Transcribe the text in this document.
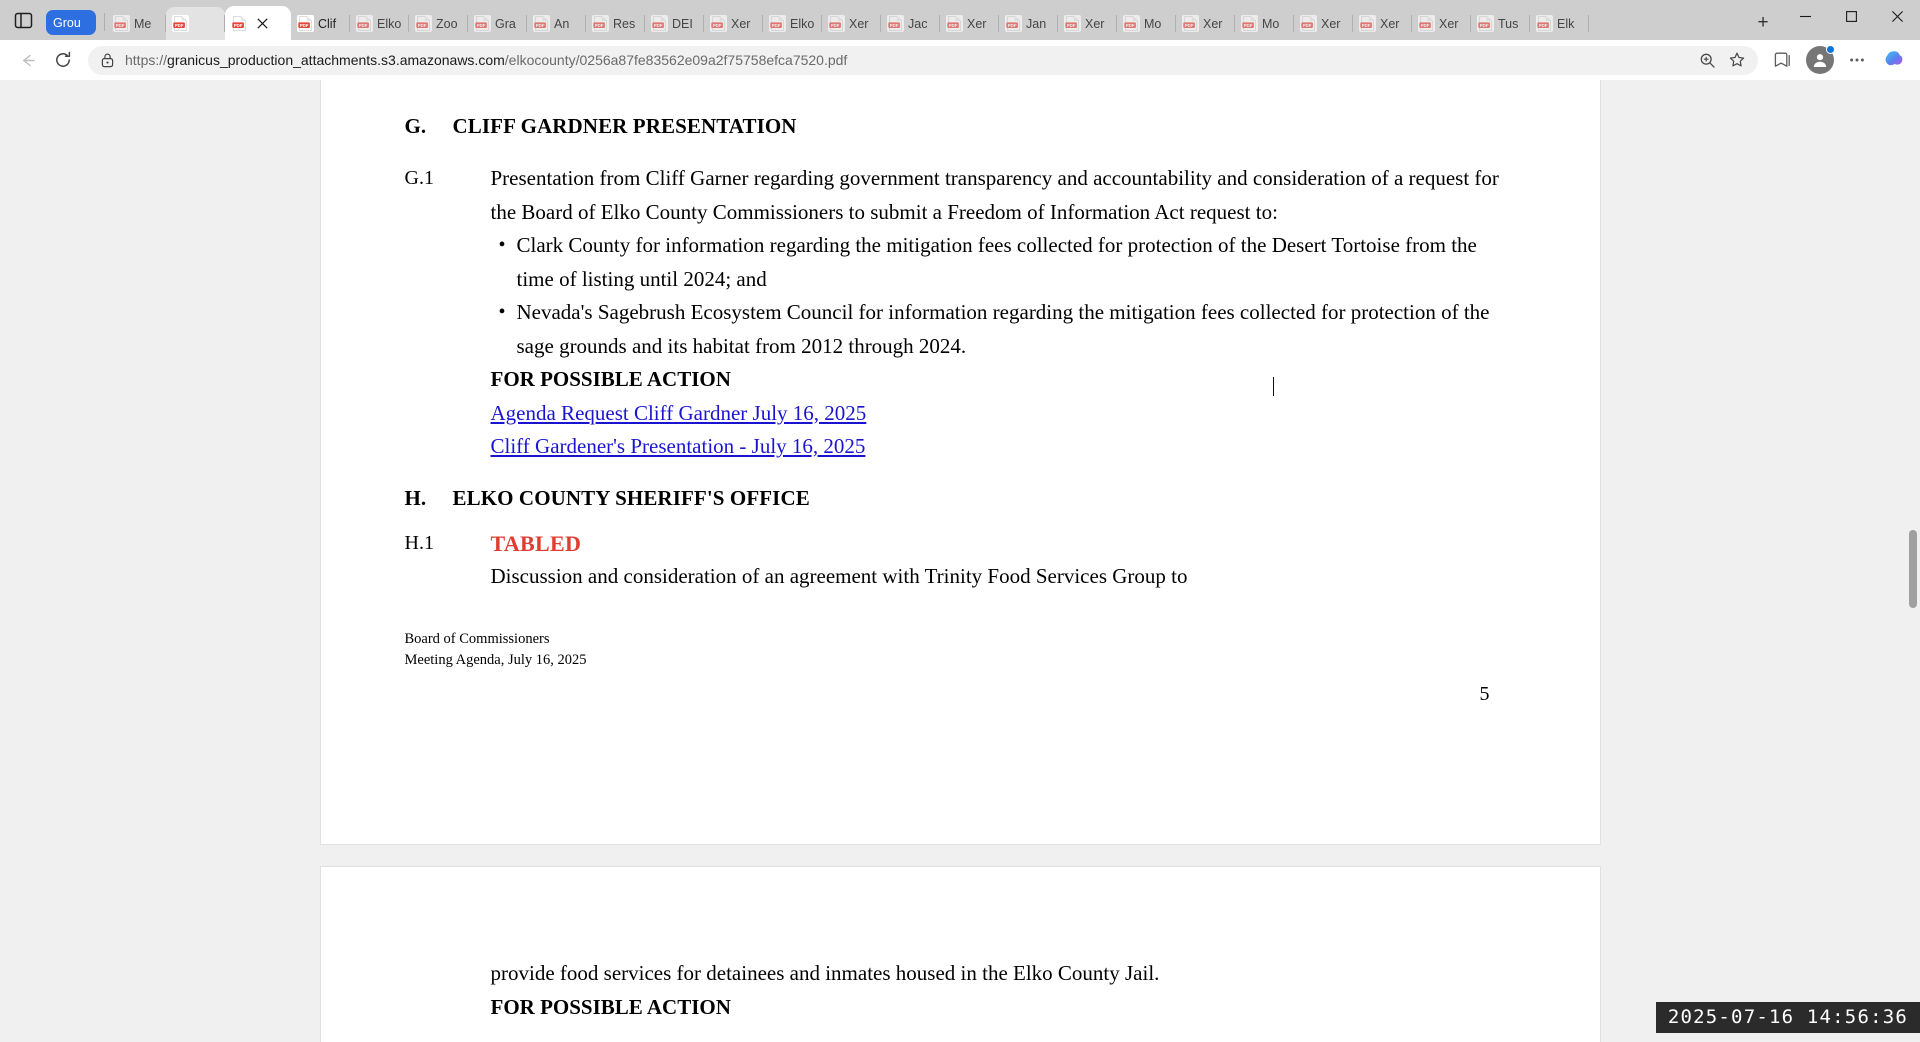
Grou	PDF Me	PDF	PDF	PDF Clif	PDF Elko	PDF Zoo	PDF Gra	PDF An	PDF Res	PDF DEI	PDF Xer	PDF Elko	PDF Xer	PDF Jac	PDF Xer	PDF Jan	PDF Xer	PDF Mo	PDF Xer	PDF Mo	PDF Xer	PDF Xer	PDF Xer	PDF Tus	PDF Elk	+
https://granicus_production_attachments.s3.amazonaws.com/elkocounty/0256a87fe83562e09a2f75758efca7520.pdf
G.	CLIFF GARDNER PRESENTATION
G.1	Presentation from Cliff Garner regarding government transparency and accountability and consideration of a request for the Board of Elko County Commissioners to submit a Freedom of Information Act request to:
• Clark County for information regarding the mitigation fees collected for protection of the Desert Tortoise from the time of listing until 2024; and
• Nevada's Sagebrush Ecosystem Council for information regarding the mitigation fees collected for protection of the sage grounds and its habitat from 2012 through 2024.
FOR POSSIBLE ACTION
Agenda Request Cliff Gardner July 16, 2025
Cliff Gardener's Presentation - July 16, 2025
H.	ELKO COUNTY SHERIFF'S OFFICE
H.1	TABLED
Discussion and consideration of an agreement with Trinity Food Services Group to
Board of Commissioners
Meeting Agenda, July 16, 2025
5
provide food services for detainees and inmates housed in the Elko County Jail.
FOR POSSIBLE ACTION	2025-07-16 14:56:36
